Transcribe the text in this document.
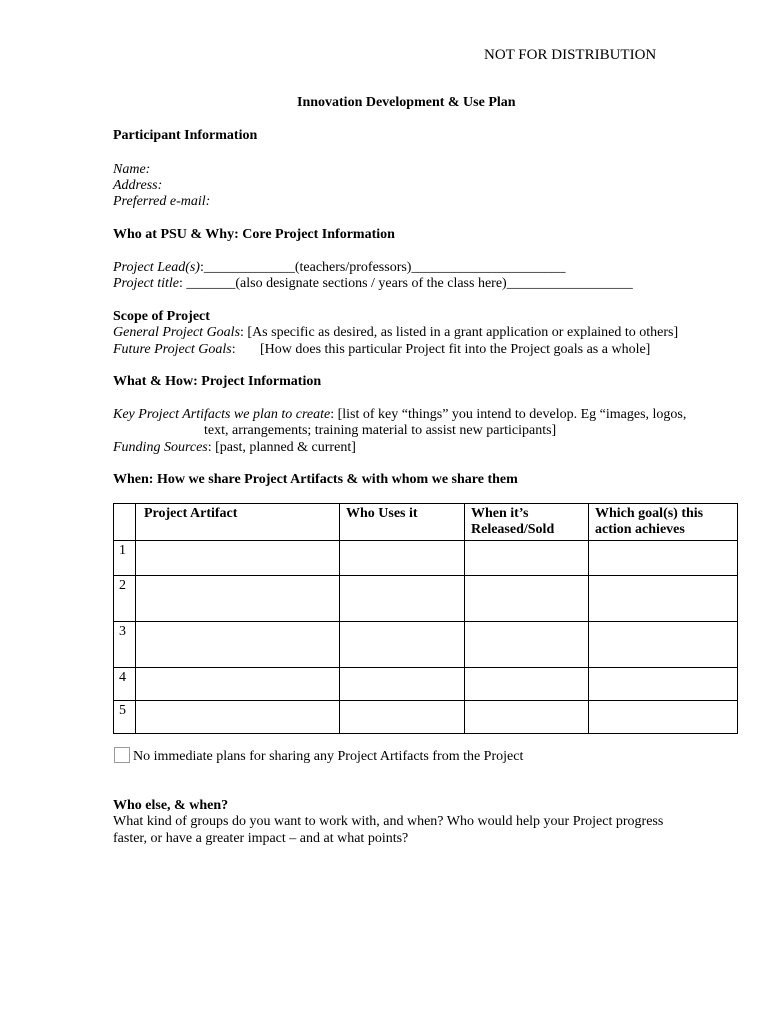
NOT FOR DISTRIBUTION
Innovation Development & Use Plan
Participant Information
Name:
Address:
Preferred e-mail:
Who at PSU & Why: Core Project Information
Project Lead(s):_____________(teachers/professors)______________________
Project title: _______(also designate sections / years of the class here)__________________
Scope of Project
General Project Goals: [As specific as desired, as listed in a grant application or explained to others]
Future Project Goals: [How does this particular Project fit into the Project goals as a whole]
What & How: Project Information
Key Project Artifacts we plan to create: [list of key “things” you intend to develop. Eg “images, logos,
text, arrangements; training material to assist new participants]
Funding Sources: [past, planned & current]
When: How we share Project Artifacts & with whom we share them
	Project Artifact	Who Uses it	When it’s Released/Sold	Which goal(s) this action achieves
1				
2				
3				
4				
5				
No immediate plans for sharing any Project Artifacts from the Project
Who else, & when?
What kind of groups do you want to work with, and when? Who would help your Project progress
faster, or have a greater impact – and at what points?
